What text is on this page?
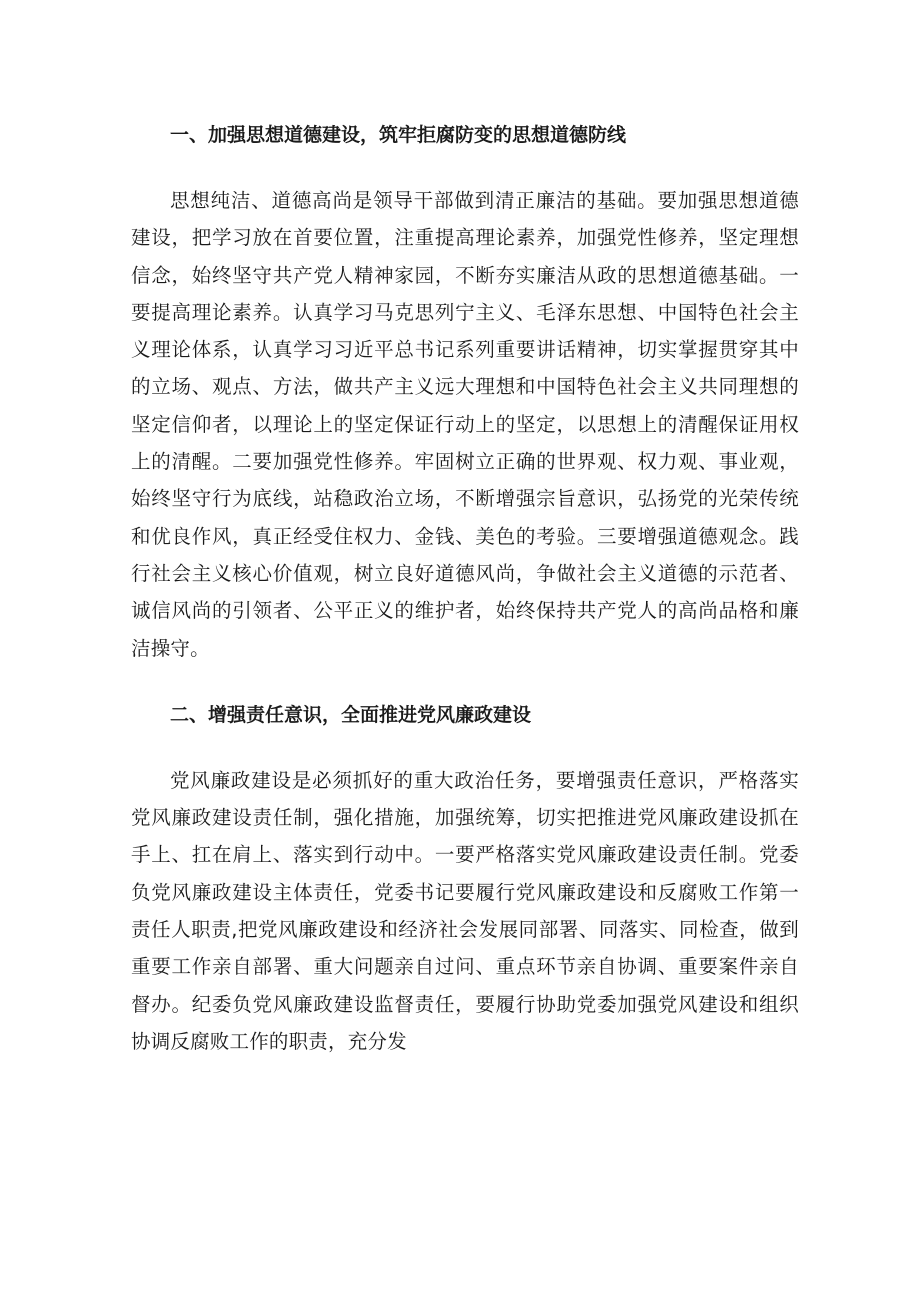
一、加强思想道德建设，筑牢拒腐防变的思想道德防线

思想纯洁、道德高尚是领导干部做到清正廉洁的基础。要加强思想道德建设，把学习放在首要位置，注重提高理论素养，加强党性修养，坚定理想信念，始终坚守共产党人精神家园，不断夯实廉洁从政的思想道德基础。一要提高理论素养。认真学习马克思列宁主义、毛泽东思想、中国特色社会主义理论体系，认真学习习近平总书记系列重要讲话精神，切实掌握贯穿其中的立场、观点、方法，做共产主义远大理想和中国特色社会主义共同理想的坚定信仰者，以理论上的坚定保证行动上的坚定，以思想上的清醒保证用权上的清醒。二要加强党性修养。牢固树立正确的世界观、权力观、事业观，始终坚守行为底线，站稳政治立场，不断增强宗旨意识，弘扬党的光荣传统和优良作风，真正经受住权力、金钱、美色的考验。三要增强道德观念。践行社会主义核心价值观，树立良好道德风尚，争做社会主义道德的示范者、诚信风尚的引领者、公平正义的维护者，始终保持共产党人的高尚品格和廉洁操守。

二、增强责任意识，全面推进党风廉政建设

党风廉政建设是必须抓好的重大政治任务，要增强责任意识，严格落实党风廉政建设责任制，强化措施，加强统筹，切实把推进党风廉政建设抓在手上、扛在肩上、落实到行动中。一要严格落实党风廉政建设责任制。党委负党风廉政建设主体责任，党委书记要履行党风廉政建设和反腐败工作第一责任人职责,把党风廉政建设和经济社会发展同部署、同落实、同检查，做到重要工作亲自部署、重大问题亲自过问、重点环节亲自协调、重要案件亲自督办。纪委负党风廉政建设监督责任，要履行协助党委加强党风建设和组织协调反腐败工作的职责，充分发
